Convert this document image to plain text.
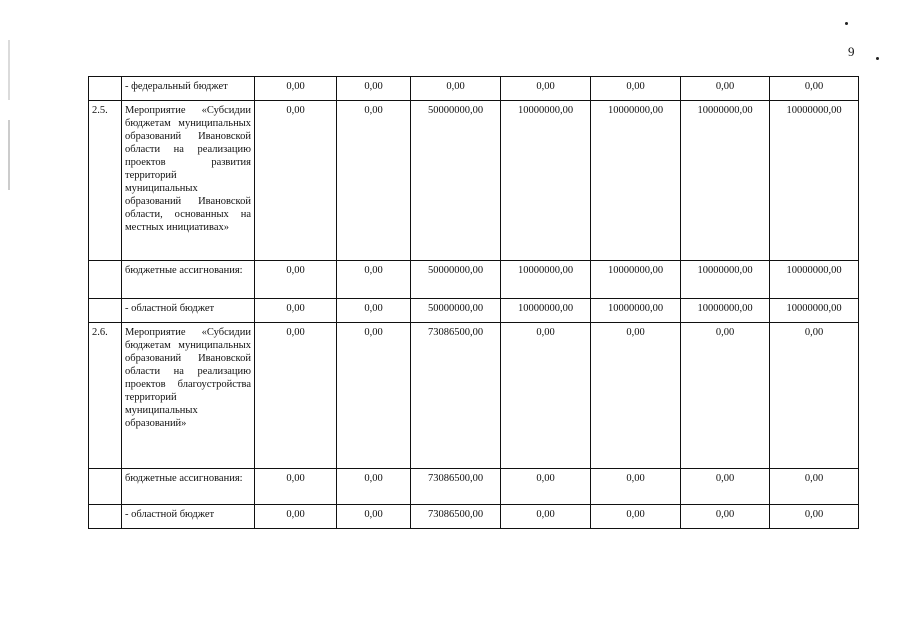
9
	- федеральный бюджет	0,00	0,00	0,00	0,00	0,00	0,00	0,00
2.5.	Мероприятие «Субсидии бюджетам муниципальных образований Ивановской области на реализацию проектов развития территорий муниципальных образований Ивановской области, основанных на местных инициативах»	0,00	0,00	50000000,00	10000000,00	10000000,00	10000000,00	10000000,00
	бюджетные ассигнования:	0,00	0,00	50000000,00	10000000,00	10000000,00	10000000,00	10000000,00
	- областной бюджет	0,00	0,00	50000000,00	10000000,00	10000000,00	10000000,00	10000000,00
2.6.	Мероприятие «Субсидии бюджетам муниципальных образований Ивановской области на реализацию проектов благоустройства территорий муниципальных образований»	0,00	0,00	73086500,00	0,00	0,00	0,00	0,00
	бюджетные ассигнования:	0,00	0,00	73086500,00	0,00	0,00	0,00	0,00
	- областной бюджет	0,00	0,00	73086500,00	0,00	0,00	0,00	0,00
